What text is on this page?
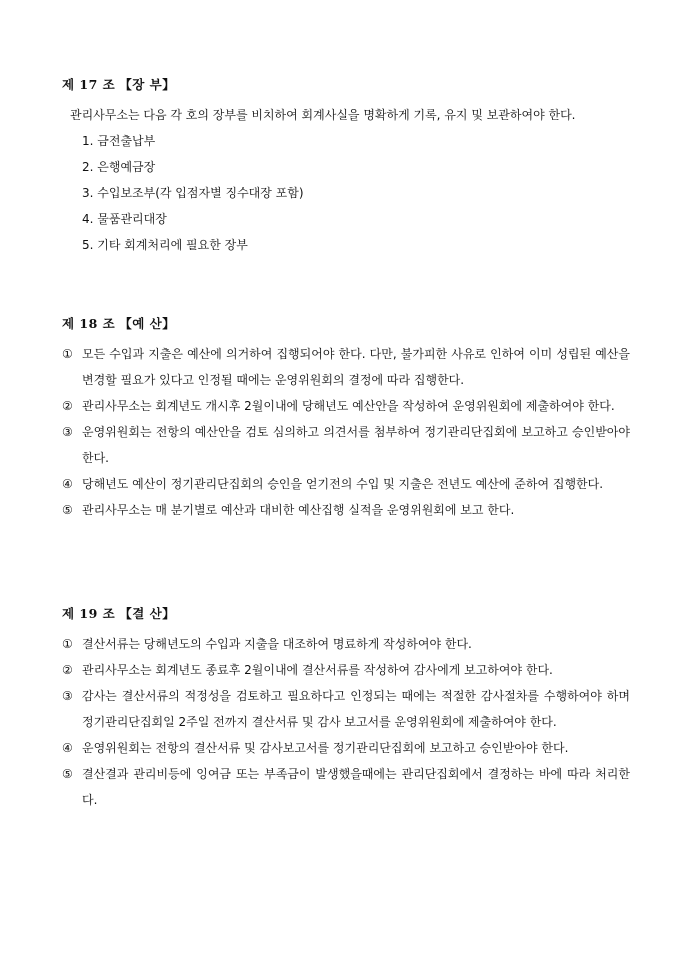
제 17 조 【장 부】
관리사무소는 다음 각 호의 장부를 비치하여 회계사실을 명확하게 기록, 유지 및 보관하여야 한다.
1. 금전출납부
2. 은행예금장
3. 수입보조부(각 입점자별 징수대장 포함)
4. 물품관리대장
5. 기타 회계처리에 필요한 장부
제 18 조 【예 산】
① 모든 수입과 지출은 예산에 의거하여 집행되어야 한다. 다만, 불가피한 사유로 인하여 이미 성립된 예산을 변경할 필요가 있다고 인정될 때에는 운영위원회의 결정에 따라 집행한다.
② 관리사무소는 회계년도 개시후 2월이내에 당해년도 예산안을 작성하여 운영위원회에 제출하여야 한다.
③ 운영위원회는 전항의 예산안을 검토 심의하고 의견서를 첨부하여 정기관리단집회에 보고하고 승인받아야 한다.
④ 당해년도 예산이 정기관리단집회의 승인을 얻기전의 수입 및 지출은 전년도 예산에 준하여 집행한다.
⑤ 관리사무소는 매 분기별로 예산과 대비한 예산집행 실적을 운영위원회에 보고 한다.
제 19 조 【결 산】
① 결산서류는 당해년도의 수입과 지출을 대조하여 명료하게 작성하여야 한다.
② 관리사무소는 회계년도 종료후 2월이내에 결산서류를 작성하여 감사에게 보고하여야 한다.
③ 감사는 결산서류의 적정성을 검토하고 필요하다고 인정되는 때에는 적절한 감사절차를 수행하여야 하며 정기관리단집회일 2주일 전까지 결산서류 및 감사 보고서를 운영위원회에 제출하여야 한다.
④ 운영위원회는 전항의 결산서류 및 감사보고서를 정기관리단집회에 보고하고 승인받아야 한다.
⑤ 결산결과 관리비등에 잉여금 또는 부족금이 발생했을때에는 관리단집회에서 결정하는 바에 따라 처리한다.
